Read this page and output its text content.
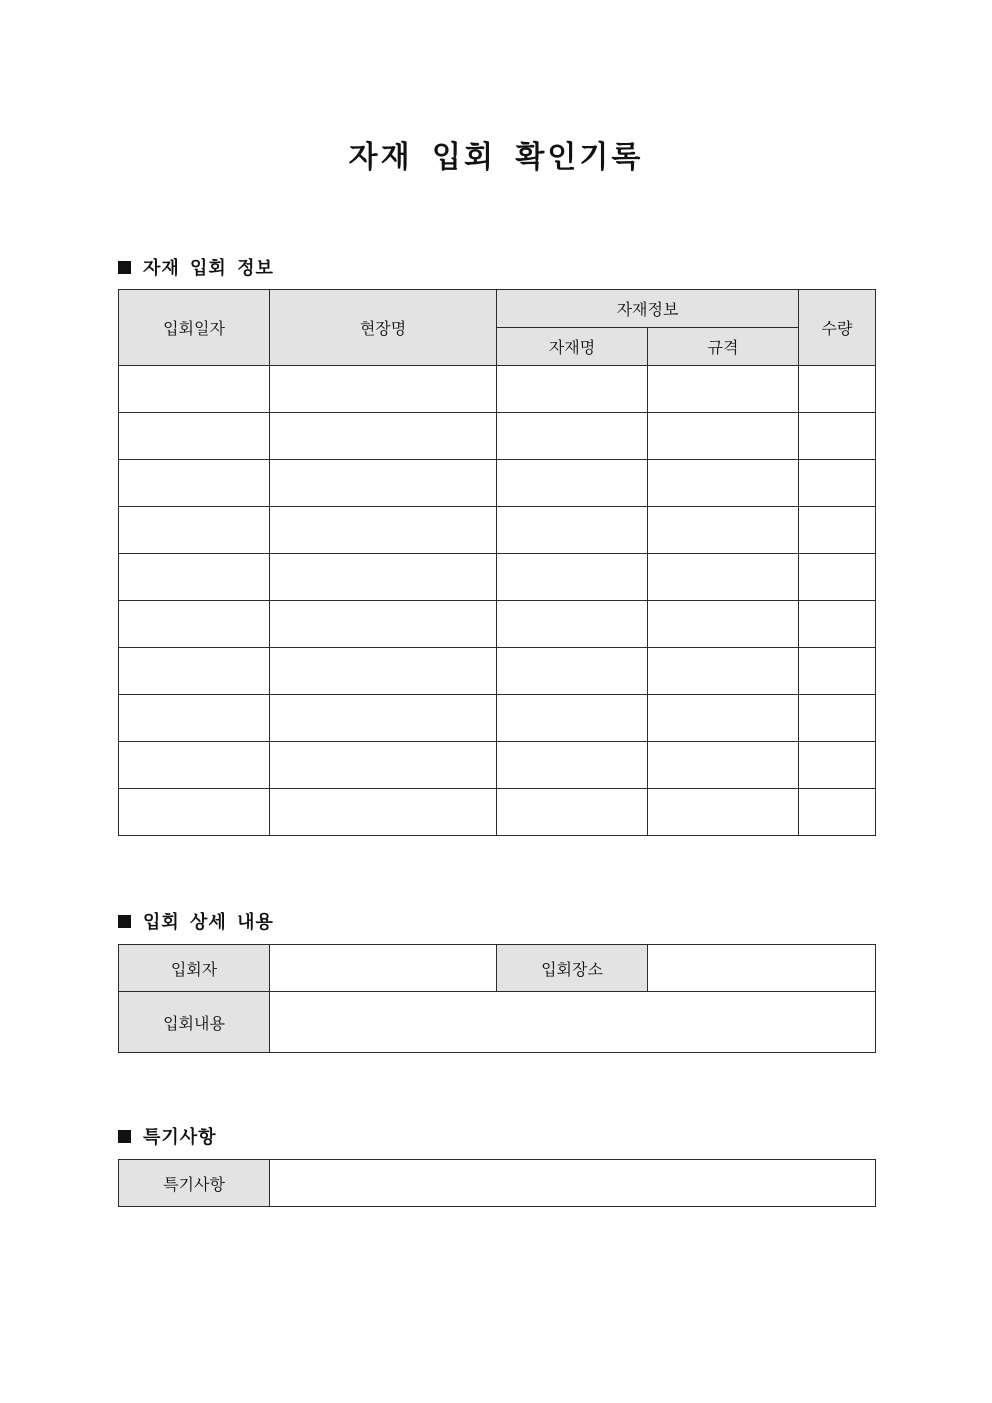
자재 입회 확인기록
자재 입회 정보
입회일자	현장명	자재정보		수량
		자재명	규격	

입회 상세 내용
입회자		입회장소	
입회내용			
특기사항
특기사항	
